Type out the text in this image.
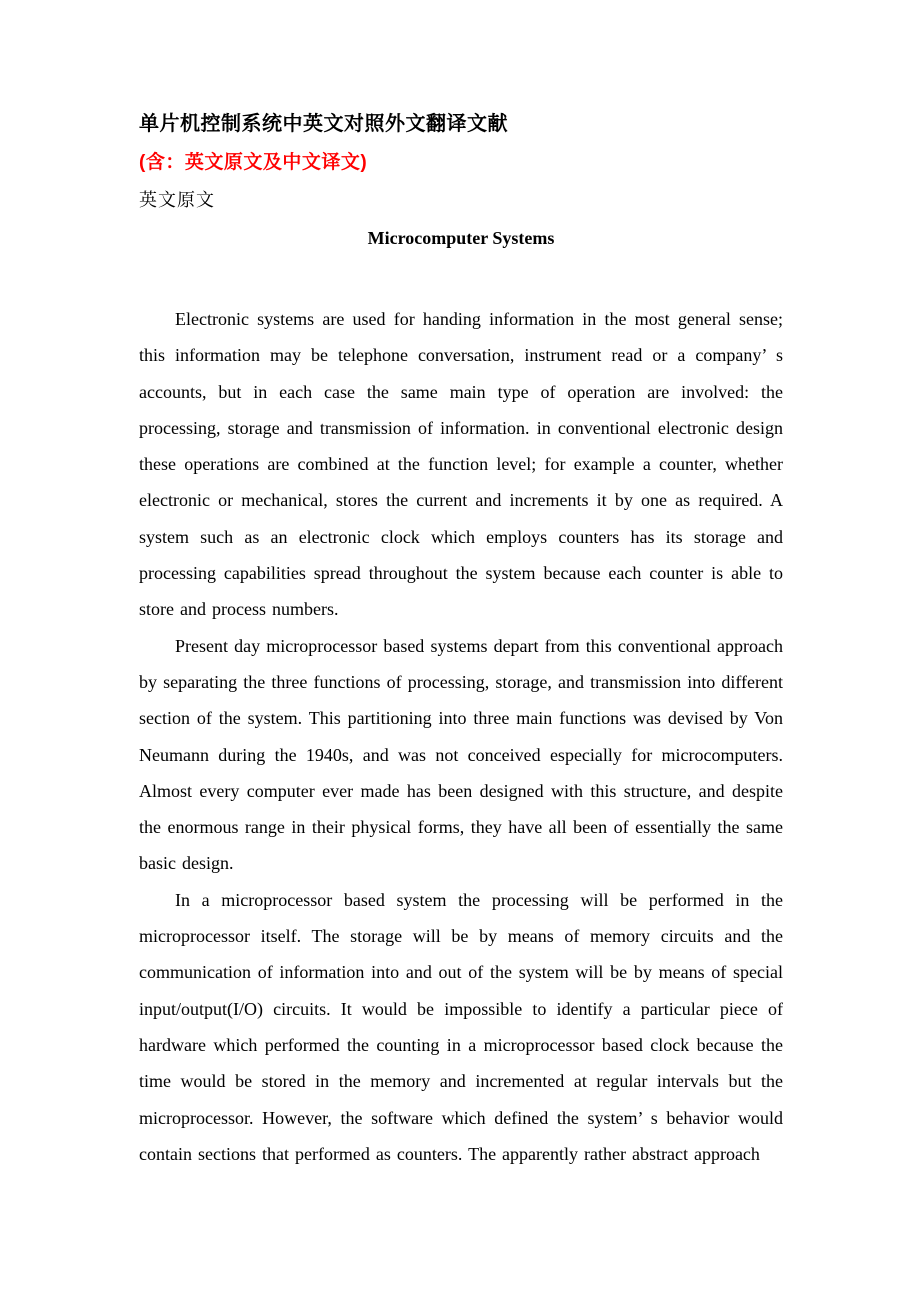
单片机控制系统中英文对照外文翻译文献
(含：英文原文及中文译文)
英文原文
Microcomputer Systems

Electronic systems are used for handing information in the most general sense; this information may be telephone conversation, instrument read or a company’ s accounts, but in each case the same main type of operation are involved: the processing, storage and transmission of information. in conventional electronic design these operations are combined at the function level; for example a counter, whether electronic or mechanical, stores the current and increments it by one as required. A system such as an electronic clock which employs counters has its storage and processing capabilities spread throughout the system because each counter is able to store and process numbers.

Present day microprocessor based systems depart from this conventional approach by separating the three functions of processing, storage, and transmission into different section of the system. This partitioning into three main functions was devised by Von Neumann during the 1940s, and was not conceived especially for microcomputers. Almost every computer ever made has been designed with this structure, and despite the enormous range in their physical forms, they have all been of essentially the same basic design.

In a microprocessor based system the processing will be performed in the microprocessor itself. The storage will be by means of memory circuits and the communication of information into and out of the system will be by means of special input/output(I/O) circuits. It would be impossible to identify a particular piece of hardware which performed the counting in a microprocessor based clock because the time would be stored in the memory and incremented at regular intervals but the microprocessor. However, the software which defined the system’ s behavior would contain sections that performed as counters. The apparently rather abstract approach
